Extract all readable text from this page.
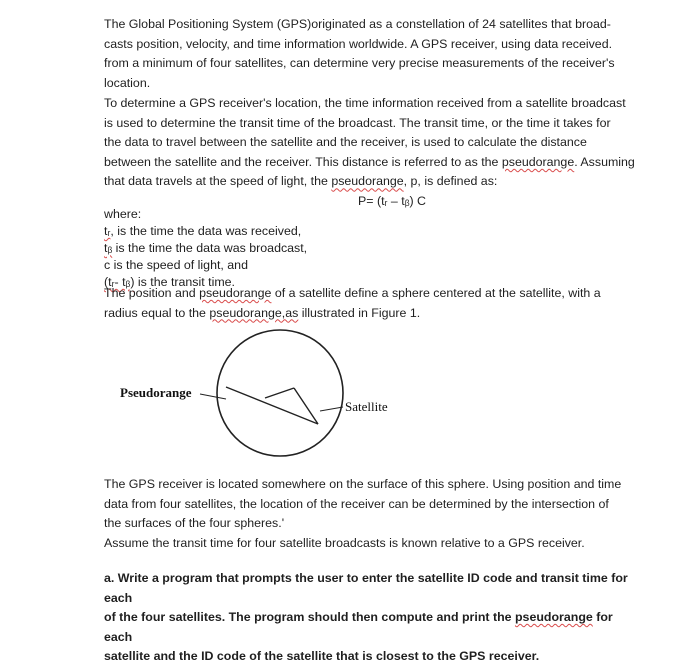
The Global Positioning System (GPS)originated as a constellation of 24 satellites that broad-

casts position, velocity, and time information worldwide. A GPS receiver, using data received.

from a minimum of four satellites, can determine very precise measurements of the receiver's

location.

To determine a GPS receiver's location, the time information received from a satellite broadcast

is used to determine the transit time of the broadcast. The transit time, or the time it takes for

the data to travel between the satellite and the receiver, is used to calculate the distance

between the satellite and the receiver. This distance is referred to as the pseudorange. Assuming

that data travels at the speed of light, the pseudorange, p, is defined as:

P= (tᵣ – tᵦ) C

where:

tᵣ, is the time the data was received,

tᵦ is the time the data was broadcast,

c is the speed of light, and

(tᵣ- tᵦ) is the transit time.

The position and pseudorange of a satellite define a sphere centered at the satellite, with a

radius equal to the pseudorange,as illustrated in Figure 1.

Pseudorange
Satellite

The GPS receiver is located somewhere on the surface of this sphere. Using position and time

data from four satellites, the location of the receiver can be determined by the intersection of

the surfaces of the four spheres.'

Assume the transit time for four satellite broadcasts is known relative to a GPS receiver.

a. Write a program that prompts the user to enter the satellite ID code and transit time for each

of the four satellites. The program should then compute and print the pseudorange for each

satellite and the ID code of the satellite that is closest to the GPS receiver.
